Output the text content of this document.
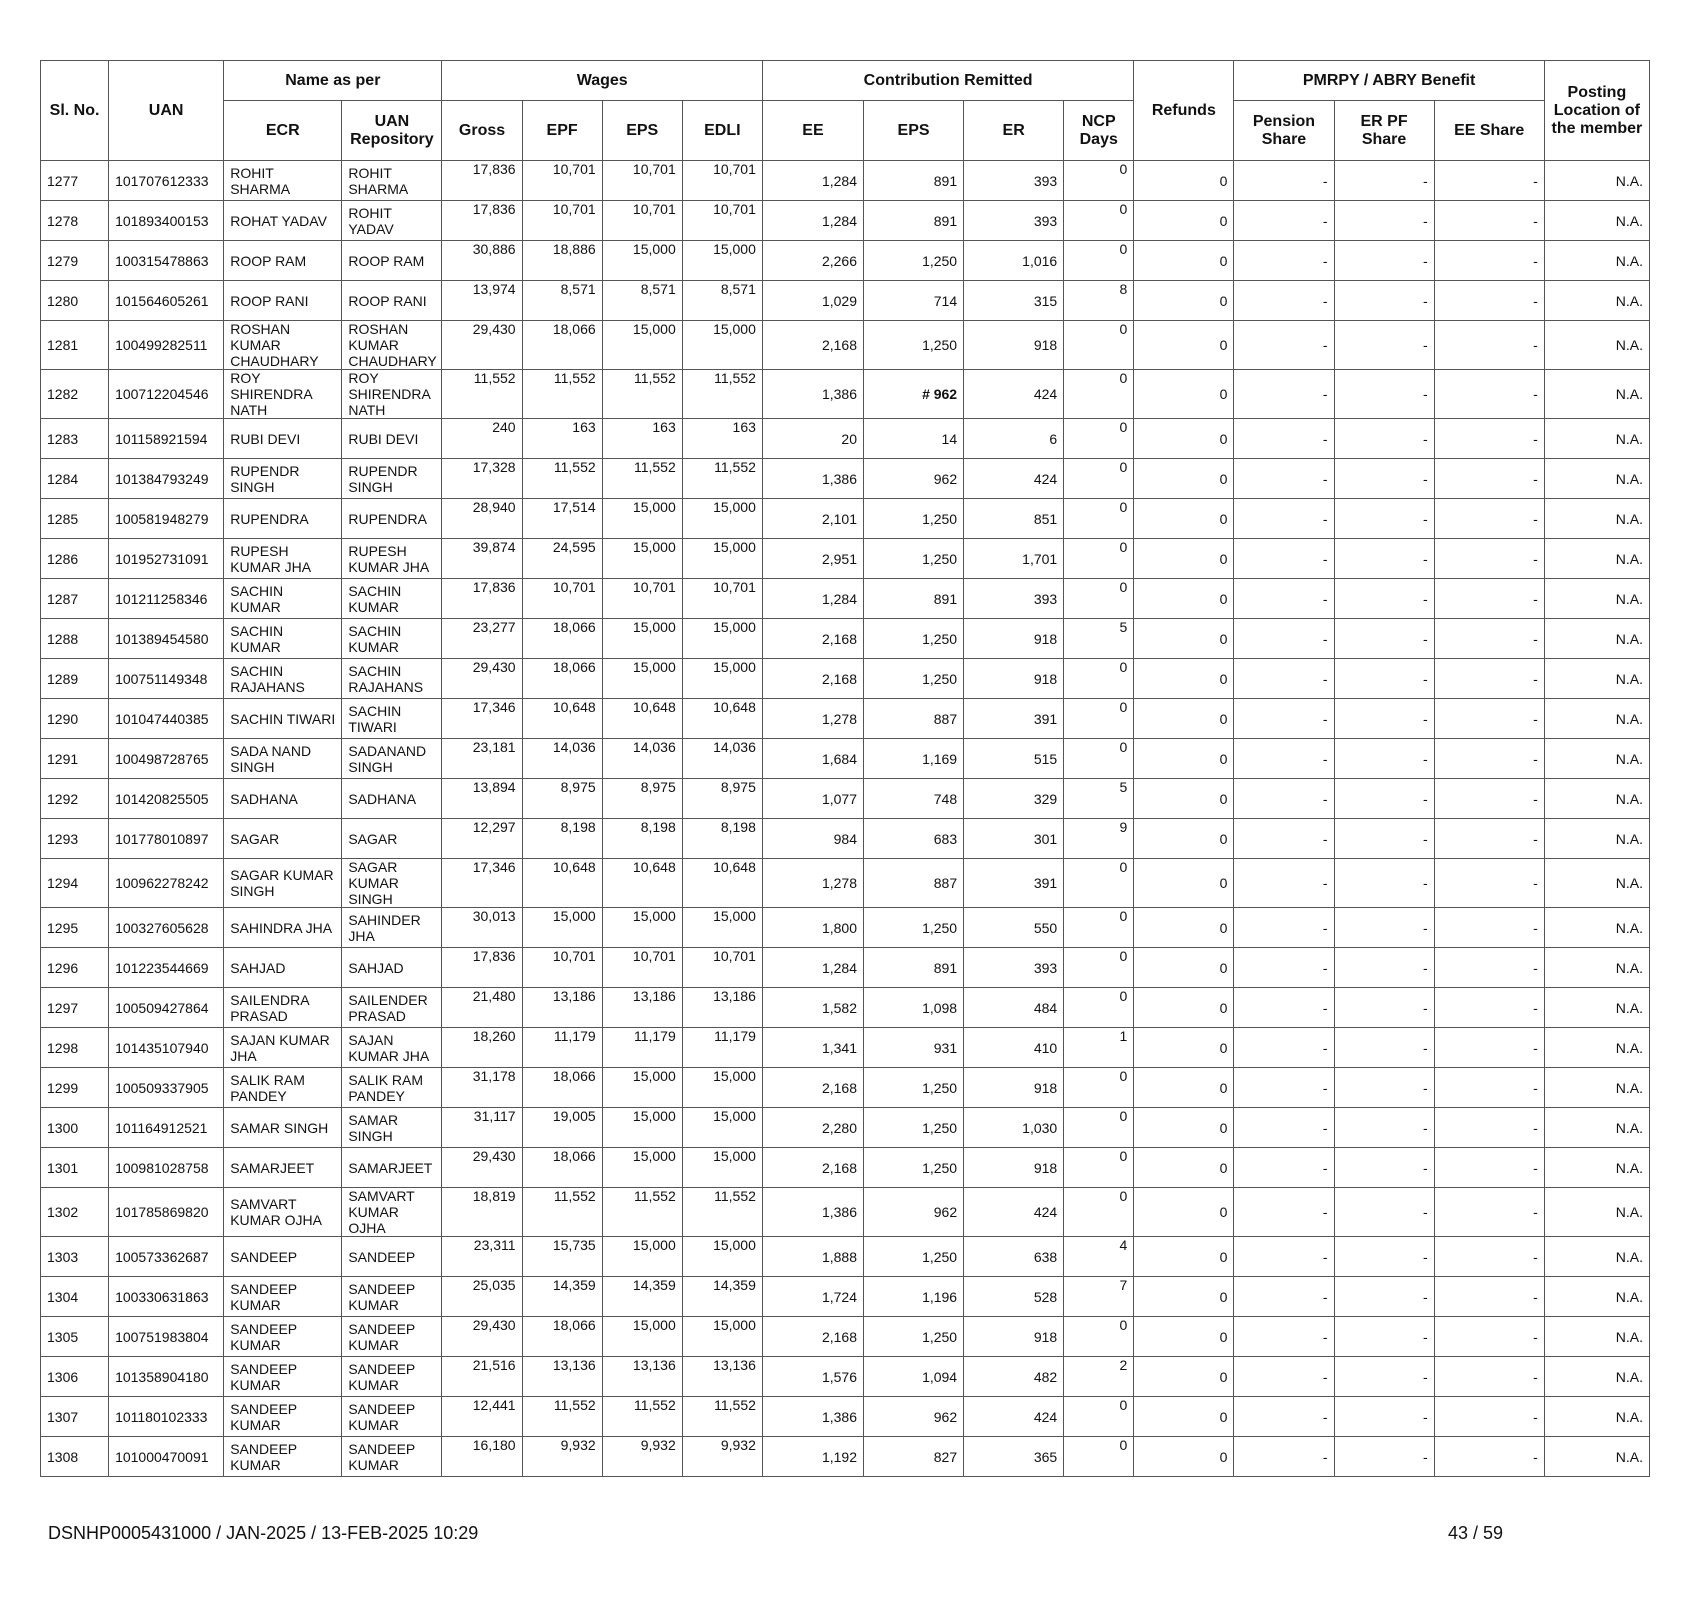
Sl. No.	UAN	Name as per		Wages				Contribution Remitted				Refunds	PMRPY / ABRY Benefit			Posting Location of the member
		ECR	UAN Repository	Gross	EPF	EPS	EDLI	EE	EPS	ER	NCP Days		Pension Share	ER PF Share	EE Share	
1277	101707612333	ROHIT SHARMA	ROHIT SHARMA	17,836	10,701	10,701	10,701	1,284	891	393	0	0	-	-	-	N.A.
1278	101893400153	ROHAT YADAV	ROHIT YADAV	17,836	10,701	10,701	10,701	1,284	891	393	0	0	-	-	-	N.A.
1279	100315478863	ROOP RAM	ROOP RAM	30,886	18,886	15,000	15,000	2,266	1,250	1,016	0	0	-	-	-	N.A.
1280	101564605261	ROOP RANI	ROOP RANI	13,974	8,571	8,571	8,571	1,029	714	315	8	0	-	-	-	N.A.
1281	100499282511	ROSHAN KUMAR CHAUDHARY	ROSHAN KUMAR CHAUDHARY	29,430	18,066	15,000	15,000	2,168	1,250	918	0	0	-	-	-	N.A.
1282	100712204546	ROY SHIRENDRA NATH	ROY SHIRENDRA NATH	11,552	11,552	11,552	11,552	1,386	# 962	424	0	0	-	-	-	N.A.
1283	101158921594	RUBI DEVI	RUBI DEVI	240	163	163	163	20	14	6	0	0	-	-	-	N.A.
1284	101384793249	RUPENDR SINGH	RUPENDR SINGH	17,328	11,552	11,552	11,552	1,386	962	424	0	0	-	-	-	N.A.
1285	100581948279	RUPENDRA	RUPENDRA	28,940	17,514	15,000	15,000	2,101	1,250	851	0	0	-	-	-	N.A.
1286	101952731091	RUPESH KUMAR JHA	RUPESH KUMAR JHA	39,874	24,595	15,000	15,000	2,951	1,250	1,701	0	0	-	-	-	N.A.
1287	101211258346	SACHIN KUMAR	SACHIN KUMAR	17,836	10,701	10,701	10,701	1,284	891	393	0	0	-	-	-	N.A.
1288	101389454580	SACHIN KUMAR	SACHIN KUMAR	23,277	18,066	15,000	15,000	2,168	1,250	918	5	0	-	-	-	N.A.
1289	100751149348	SACHIN RAJAHANS	SACHIN RAJAHANS	29,430	18,066	15,000	15,000	2,168	1,250	918	0	0	-	-	-	N.A.
1290	101047440385	SACHIN TIWARI	SACHIN TIWARI	17,346	10,648	10,648	10,648	1,278	887	391	0	0	-	-	-	N.A.
1291	100498728765	SADA NAND SINGH	SADANAND SINGH	23,181	14,036	14,036	14,036	1,684	1,169	515	0	0	-	-	-	N.A.
1292	101420825505	SADHANA	SADHANA	13,894	8,975	8,975	8,975	1,077	748	329	5	0	-	-	-	N.A.
1293	101778010897	SAGAR	SAGAR	12,297	8,198	8,198	8,198	984	683	301	9	0	-	-	-	N.A.
1294	100962278242	SAGAR KUMAR SINGH	SAGAR KUMAR SINGH	17,346	10,648	10,648	10,648	1,278	887	391	0	0	-	-	-	N.A.
1295	100327605628	SAHINDRA JHA	SAHINDER JHA	30,013	15,000	15,000	15,000	1,800	1,250	550	0	0	-	-	-	N.A.
1296	101223544669	SAHJAD	SAHJAD	17,836	10,701	10,701	10,701	1,284	891	393	0	0	-	-	-	N.A.
1297	100509427864	SAILENDRA PRASAD	SAILENDER PRASAD	21,480	13,186	13,186	13,186	1,582	1,098	484	0	0	-	-	-	N.A.
1298	101435107940	SAJAN KUMAR JHA	SAJAN KUMAR JHA	18,260	11,179	11,179	11,179	1,341	931	410	1	0	-	-	-	N.A.
1299	100509337905	SALIK RAM PANDEY	SALIK RAM PANDEY	31,178	18,066	15,000	15,000	2,168	1,250	918	0	0	-	-	-	N.A.
1300	101164912521	SAMAR SINGH	SAMAR SINGH	31,117	19,005	15,000	15,000	2,280	1,250	1,030	0	0	-	-	-	N.A.
1301	100981028758	SAMARJEET	SAMARJEET	29,430	18,066	15,000	15,000	2,168	1,250	918	0	0	-	-	-	N.A.
1302	101785869820	SAMVART KUMAR OJHA	SAMVART KUMAR OJHA	18,819	11,552	11,552	11,552	1,386	962	424	0	0	-	-	-	N.A.
1303	100573362687	SANDEEP	SANDEEP	23,311	15,735	15,000	15,000	1,888	1,250	638	4	0	-	-	-	N.A.
1304	100330631863	SANDEEP KUMAR	SANDEEP KUMAR	25,035	14,359	14,359	14,359	1,724	1,196	528	7	0	-	-	-	N.A.
1305	100751983804	SANDEEP KUMAR	SANDEEP KUMAR	29,430	18,066	15,000	15,000	2,168	1,250	918	0	0	-	-	-	N.A.
1306	101358904180	SANDEEP KUMAR	SANDEEP KUMAR	21,516	13,136	13,136	13,136	1,576	1,094	482	2	0	-	-	-	N.A.
1307	101180102333	SANDEEP KUMAR	SANDEEP KUMAR	12,441	11,552	11,552	11,552	1,386	962	424	0	0	-	-	-	N.A.
1308	101000470091	SANDEEP KUMAR	SANDEEP KUMAR	16,180	9,932	9,932	9,932	1,192	827	365	0	0	-	-	-	N.A.
DSNHP0005431000 / JAN-2025 / 13-FEB-2025 10:29	43 / 59
